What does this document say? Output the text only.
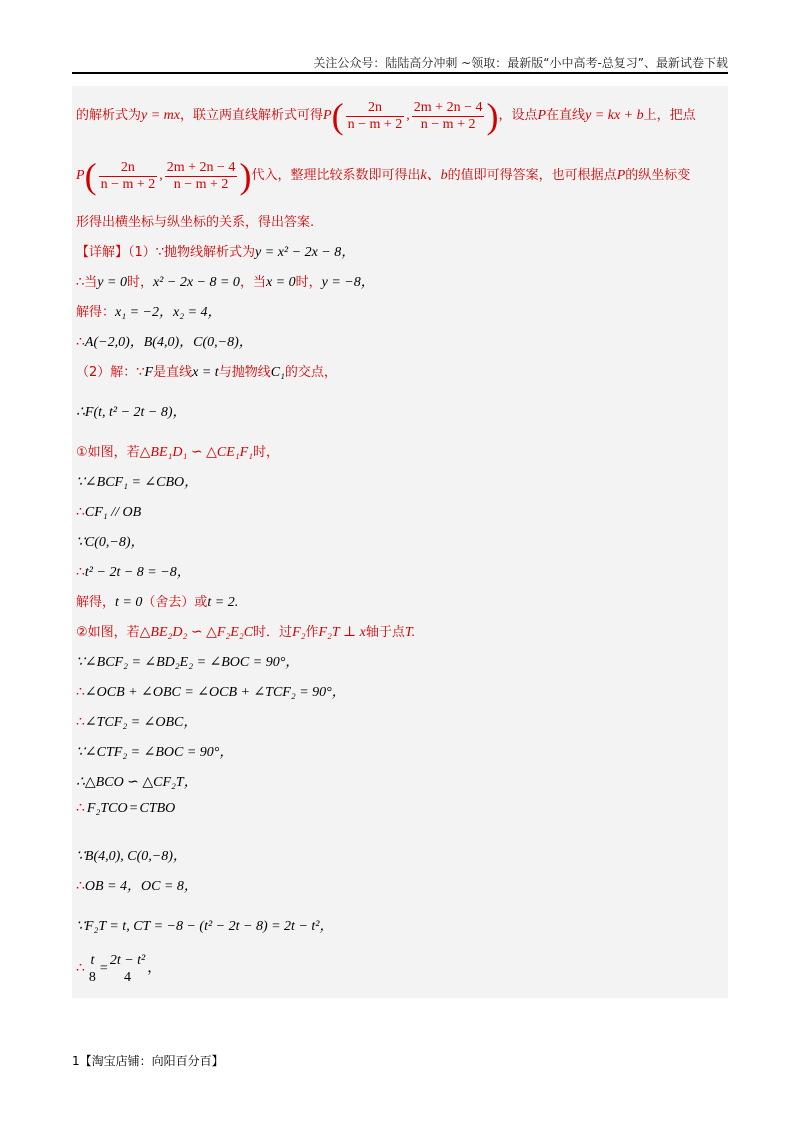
关注公众号：陆陆高分冲刺 ~领取：最新版“小中高考-总复习”、最新试卷下载
的解析式为y = mx，联立两直线解析式可得$P( \frac{2n}{n - m + 2}$ , $\frac{2m + 2n - 4}{n - m + 2}$ )，设点P在直线y = kx + b上，把点
$P( \frac{2n}{n - m + 2}$ , $\frac{2m + 2n - 4}{n - m + 2}$ )代入，整理比较系数即可得出k、b的值即可得答案，也可根据点P的纵坐标变
形得出横坐标与纵坐标的关系，得出答案.
【详解】（1）∵抛物线解析式为y = x² − 2x − 8，
∴当y = 0时，x² − 2x − 8 = 0，当x = 0时，y = −8，
解得：x₁ = −2，x₂ = 4，
∴A(−2,0)，B(4,0)，C(0,−8)，
（2）解：∵F是直线x = t与抛物线C₁的交点，
∴F(t, t² − 2t − 8)，
①如图，若△BE₁D₁ ∽ △CE₁F₁时，
∵∠BCF₁ = ∠CBO，
∴CF₁ // OB
∵C(0,−8)，
∴t² − 2t − 8 = −8，
解得，t = 0（舍去）或t = 2.
②如图，若△BE₂D₂ ∽ △F₂E₂C时．过F₂作F₂T ⊥ x轴于点T.
∵∠BCF₂ = ∠BD₂E₂ = ∠BOC = 90°，
∴∠OCB + ∠OBC = ∠OCB + ∠TCF₂ = 90°，
∴∠TCF₂ = ∠OBC，
∵∠CTF₂ = ∠BOC = 90°，
∴△BCO ∽ △CF₂T，
∴ F₂TCO = CTBO
∵B(4,0), C(0,−8)，
∴OB = 4，OC = 8，
∵F₂T = t, CT = −8 − (t² − 2t − 8) = 2t − t²，
∴t
8
=2t − t²
4
，
1【淘宝店铺：向阳百分百】
